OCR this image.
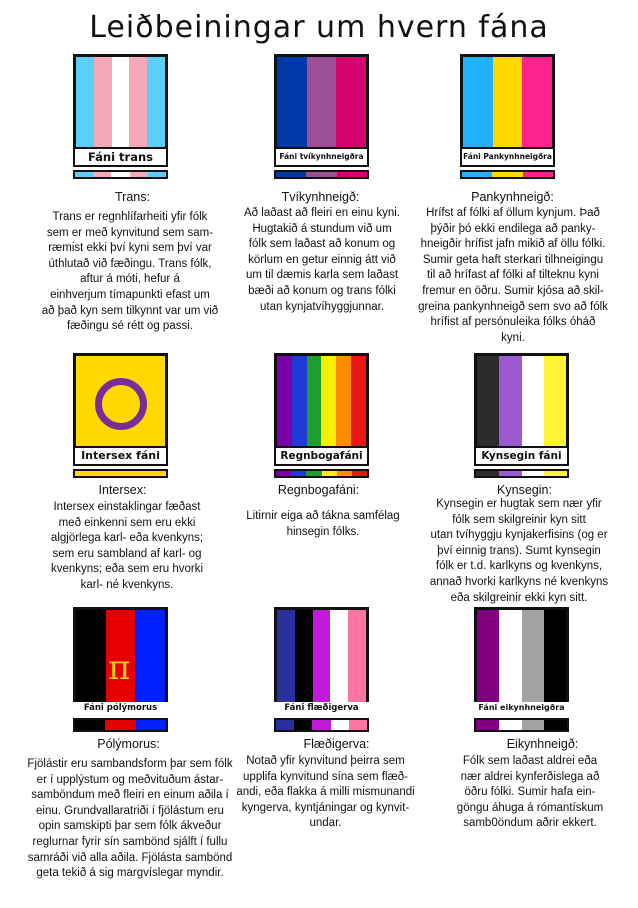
Leiðbeiningar um hvern fána
Fáni trans
Trans:
Trans er regnhlífarheiti yfir fólk
sem er með kynvitund sem sam-
ræmist ekki því kyni sem því var
úthlutað við fæðingu. Trans fólk,
aftur á móti, hefur á
einhverjum tímapunkti efast um
að það kyn sem tilkynnt var um við
fæðingu sé rétt og passi.
Fáni tvíkynhneigðra
Tvíkynhneigð:
Að laðast að fleiri en einu kyni.
Hugtakið á stundum við um
fólk sem laðast að konum og
körlum en getur einnig átt við
um til dæmis karla sem laðast
bæði að konum og trans fólki
utan kynjatvíhyggjunnar.
Fáni Pankynhneigðra
Pankynhneigð:
Hrífst af fólki af öllum kynjum. Það
þýðir þó ekki endilega að panky-
hneigðir hrífist jafn mikið af öllu fólki.
Sumir geta haft sterkari tilhneigingu
til að hrífast af fólki af tilteknu kyni
fremur en öðru. Sumir kjósa að skil-
greina pankynhneigð sem svo að fólk
hrífist af persónuleika fólks óháð
kyni.
Intersex fáni
Intersex:
Intersex einstaklingar fæðast
með einkenni sem eru ekki
algjörlega karl- eða kvenkyns;
sem eru sambland af karl- og
kvenkyns; eða sem eru hvorki
karl- né kvenkyns.
Regnbogafáni
Regnbogafáni:
Litirnir eiga að tákna samfélag
hinsegin fólks.
Kynsegin fáni
Kynsegin:
Kynsegin er hugtak sem nær yfir
fólk sem skilgreinir kyn sitt
utan tvíhyggju kynjakerfisins (og er
því einnig trans). Sumt kynsegin
fólk er t.d. karlkyns og kvenkyns,
annað hvorki karlkyns né kvenkyns
eða skilgreinir ekki kyn sitt.
π
Fáni pólýmorus
Pólýmorus:
Fjölástir eru sambandsform þar sem fólk
er í upplýstum og meðvituðum ástar-
samböndum með fleiri en einum aðila í
einu. Grundvallaratriði í fjölástum eru
opin samskipti þar sem fólk ákveður
reglurnar fyrir sín sambönd sjálft í fullu
samráði við alla aðila. Fjölásta sambönd
geta tekið á sig margvíslegar myndir.
Fáni flæðigerva
Flæðigerva:
Notað yfir kynvitund þeirra sem
upplifa kynvitund sína sem flæð-
andi, eða flakka á milli mismunandi
kyngerva, kyntjáningar og kynvit-
undar.
Fáni eikynhneigðra
Eikynhneigð:
Fólk sem laðast aldrei eða
nær aldrei kynferðislega að
öðru fólki. Sumir hafa ein-
göngu áhuga á rómantískum
samb0öndum aðrir ekkert.
